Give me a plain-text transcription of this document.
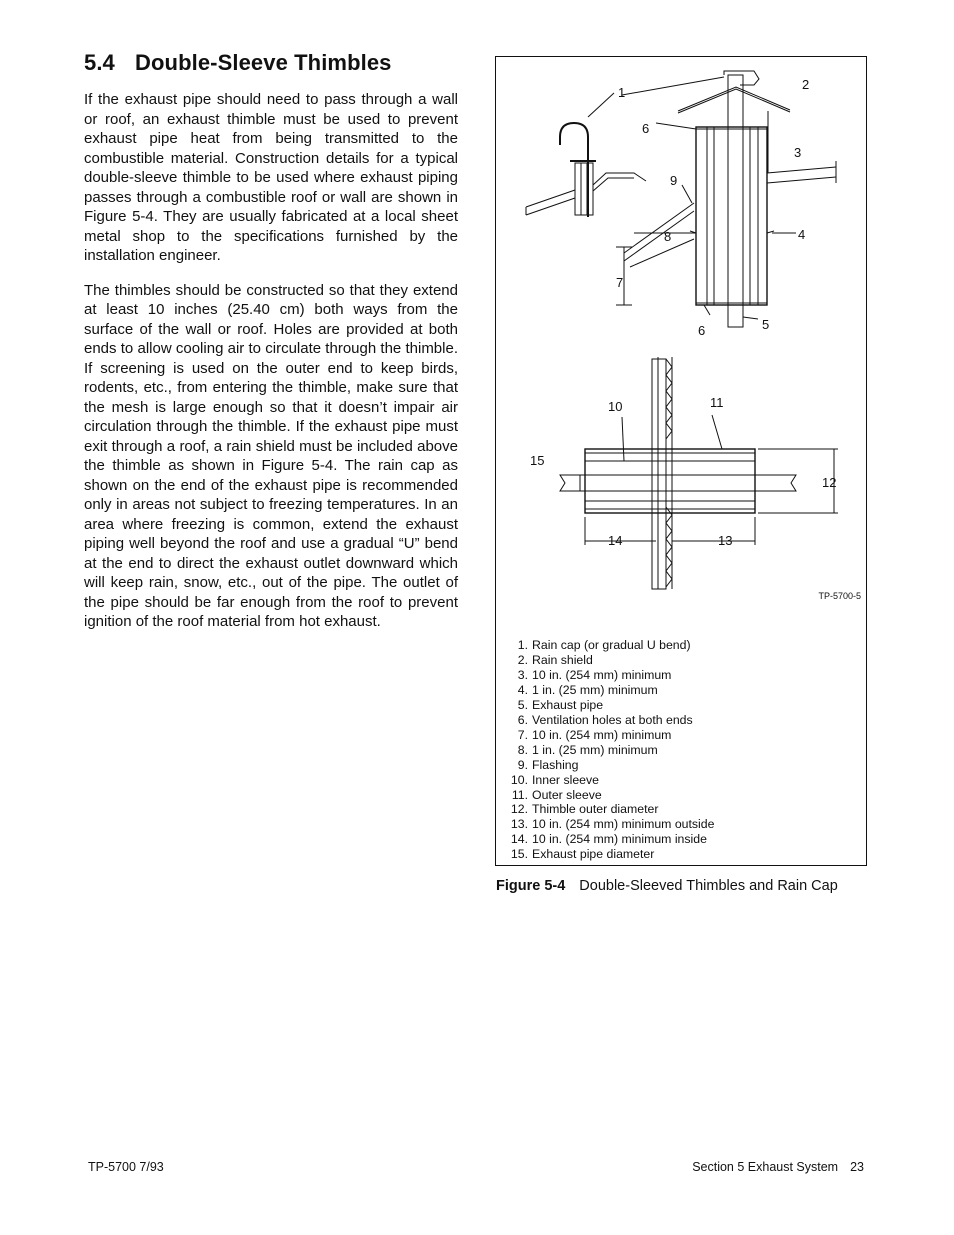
5.4 Double-Sleeve Thimbles

If the exhaust pipe should need to pass through a wall or roof, an exhaust thimble must be used to prevent exhaust pipe heat from being transmitted to the combustible material. Construction details for a typical double-sleeve thimble to be used where exhaust piping passes through a combustible roof or wall are shown in Figure 5-4. They are usually fabricated at a local sheet metal shop to the specifications furnished by the installation engineer.

The thimbles should be constructed so that they extend at least 10 inches (25.40 cm) both ways from the surface of the wall or roof. Holes are provided at both ends to allow cooling air to circulate through the thimble. If screening is used on the outer end to keep birds, rodents, etc., from entering the thimble, make sure that the mesh is large enough so that it doesn’t impair air circulation through the thimble. If the exhaust pipe must exit through a roof, a rain shield must be included above the thimble as shown in Figure 5-4. The rain cap as shown on the end of the exhaust pipe is recommended only in areas not subject to freezing temperatures. In an area where freezing is common, extend the exhaust piping well beyond the roof and use a gradual “U” bend at the end to direct the exhaust outlet downward which will keep rain, snow, etc., out of the pipe. The outlet of the pipe should be far enough from the roof to prevent ignition of the roof material from hot exhaust.

1
2
3
4
5
6
6
7
8
9
10	11
12
13
14
15
TP-5700-5
1. Rain cap (or gradual U bend)
2. Rain shield
3. 10 in. (254 mm) minimum
4. 1 in. (25 mm) minimum
5. Exhaust pipe
6. Ventilation holes at both ends
7. 10 in. (254 mm) minimum
8. 1 in. (25 mm) minimum
9. Flashing
10. Inner sleeve
11. Outer sleeve
12. Thimble outer diameter
13. 10 in. (254 mm) minimum outside
14. 10 in. (254 mm) minimum inside
15. Exhaust pipe diameter
Figure 5-4 Double-Sleeved Thimbles and Rain Cap
TP-5700 7/93	Section 5 Exhaust System 23
